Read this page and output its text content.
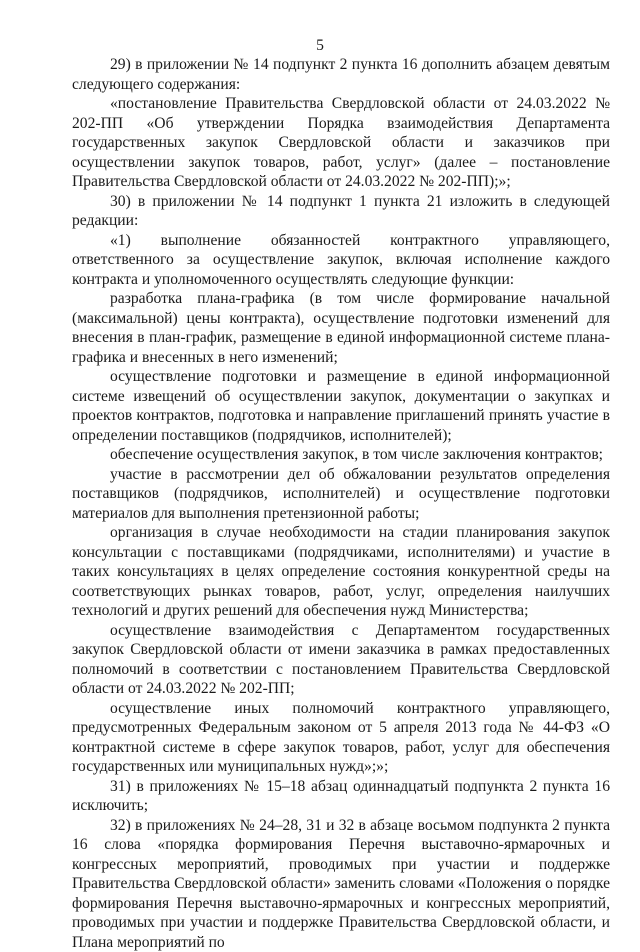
5

29) в приложении № 14 подпункт 2 пункта 16 дополнить абзацем девятым следующего содержания:

«постановление Правительства Свердловской области от 24.03.2022 № 202-ПП «Об утверждении Порядка взаимодействия Департамента государственных закупок Свердловской области и заказчиков при осуществлении закупок товаров, работ, услуг» (далее – постановление Правительства Свердловской области от 24.03.2022 № 202-ПП);»;

30) в приложении № 14 подпункт 1 пункта 21 изложить в следующей редакции:

«1) выполнение обязанностей контрактного управляющего, ответственного за осуществление закупок, включая исполнение каждого контракта и уполномоченного осуществлять следующие функции:

разработка плана-графика (в том числе формирование начальной (максимальной) цены контракта), осуществление подготовки изменений для внесения в план-график, размещение в единой информационной системе плана-графика и внесенных в него изменений;

осуществление подготовки и размещение в единой информационной системе извещений об осуществлении закупок, документации о закупках и проектов контрактов, подготовка и направление приглашений принять участие в определении поставщиков (подрядчиков, исполнителей);

обеспечение осуществления закупок, в том числе заключения контрактов;

участие в рассмотрении дел об обжаловании результатов определения поставщиков (подрядчиков, исполнителей) и осуществление подготовки материалов для выполнения претензионной работы;

организация в случае необходимости на стадии планирования закупок консультации с поставщиками (подрядчиками, исполнителями) и участие в таких консультациях в целях определение состояния конкурентной среды на соответствующих рынках товаров, работ, услуг, определения наилучших технологий и других решений для обеспечения нужд Министерства;

осуществление взаимодействия с Департаментом государственных закупок Свердловской области от имени заказчика в рамках предоставленных полномочий в соответствии с постановлением Правительства Свердловской области от 24.03.2022 № 202-ПП;

осуществление иных полномочий контрактного управляющего, предусмотренных Федеральным законом от 5 апреля 2013 года № 44-ФЗ «О контрактной системе в сфере закупок товаров, работ, услуг для обеспечения государственных или муниципальных нужд»;»;

31) в приложениях № 15–18 абзац одиннадцатый подпункта 2 пункта 16 исключить;

32) в приложениях № 24–28, 31 и 32 в абзаце восьмом подпункта 2 пункта 16 слова «порядка формирования Перечня выставочно-ярмарочных и конгрессных мероприятий, проводимых при участии и поддержке Правительства Свердловской области» заменить словами «Положения о порядке формирования Перечня выставочно-ярмарочных и конгрессных мероприятий, проводимых при участии и поддержке Правительства Свердловской области, и Плана мероприятий по
